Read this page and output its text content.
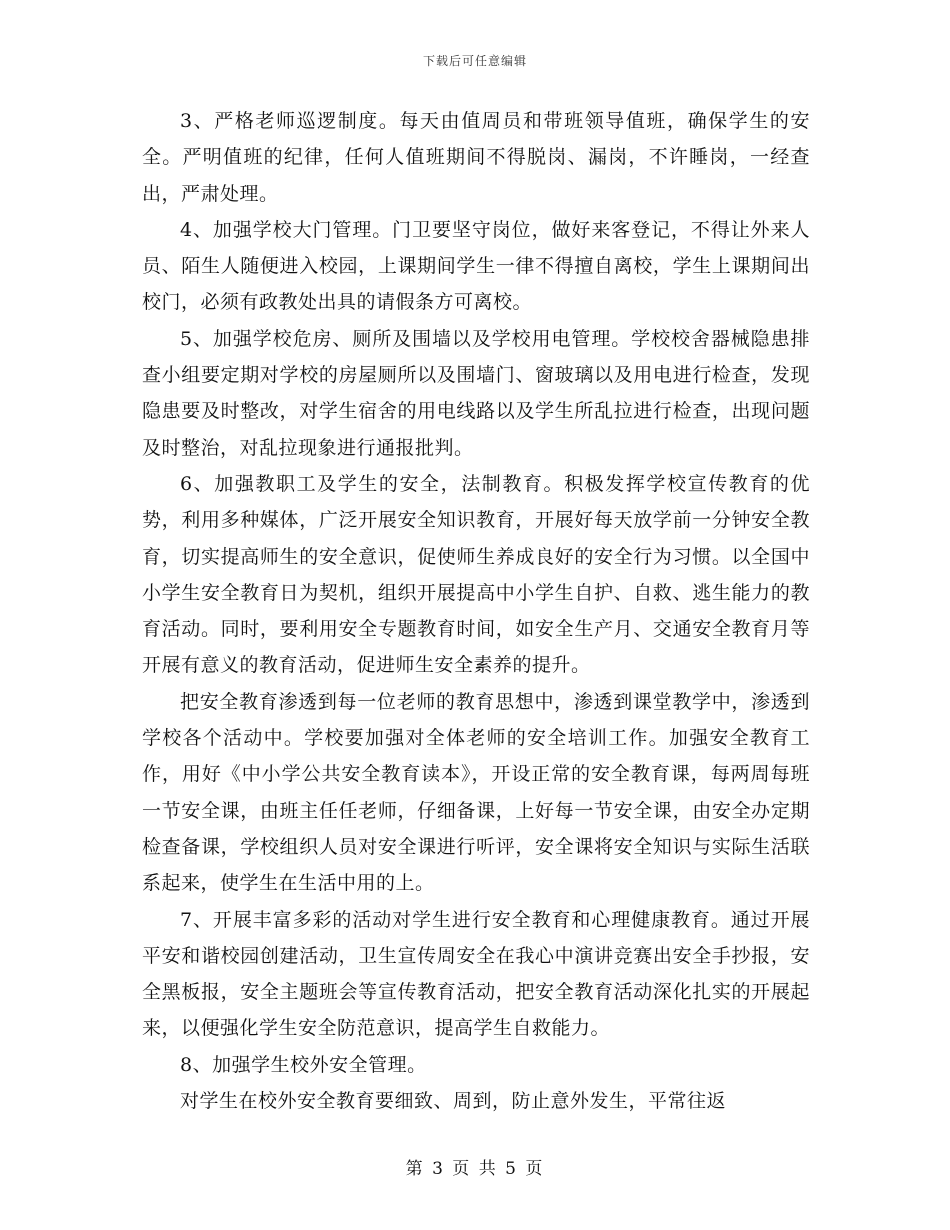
下载后可任意编辑

3、严格老师巡逻制度。每天由值周员和带班领导值班，确保学生的安全。严明值班的纪律，任何人值班期间不得脱岗、漏岗，不许睡岗，一经查出，严肃处理。

4、加强学校大门管理。门卫要坚守岗位，做好来客登记，不得让外来人员、陌生人随便进入校园，上课期间学生一律不得擅自离校，学生上课期间出校门，必须有政教处出具的请假条方可离校。

5、加强学校危房、厕所及围墙以及学校用电管理。学校校舍器械隐患排查小组要定期对学校的房屋厕所以及围墙门、窗玻璃以及用电进行检查，发现隐患要及时整改，对学生宿舍的用电线路以及学生所乱拉进行检查，出现问题及时整治，对乱拉现象进行通报批判。

6、加强教职工及学生的安全，法制教育。积极发挥学校宣传教育的优势，利用多种媒体，广泛开展安全知识教育，开展好每天放学前一分钟安全教育，切实提高师生的安全意识，促使师生养成良好的安全行为习惯。以全国中小学生安全教育日为契机，组织开展提高中小学生自护、自救、逃生能力的教育活动。同时，要利用安全专题教育时间，如安全生产月、交通安全教育月等开展有意义的教育活动，促进师生安全素养的提升。

把安全教育渗透到每一位老师的教育思想中，渗透到课堂教学中，渗透到学校各个活动中。学校要加强对全体老师的安全培训工作。加强安全教育工作，用好《中小学公共安全教育读本》，开设正常的安全教育课，每两周每班一节安全课，由班主任任老师，仔细备课，上好每一节安全课，由安全办定期检查备课，学校组织人员对安全课进行听评，安全课将安全知识与实际生活联系起来，使学生在生活中用的上。

7、开展丰富多彩的活动对学生进行安全教育和心理健康教育。通过开展平安和谐校园创建活动，卫生宣传周安全在我心中演讲竞赛出安全手抄报，安全黑板报，安全主题班会等宣传教育活动，把安全教育活动深化扎实的开展起来，以便强化学生安全防范意识，提高学生自救能力。

8、加强学生校外安全管理。

对学生在校外安全教育要细致、周到，防止意外发生，平常往返

第 3 页 共 5 页
